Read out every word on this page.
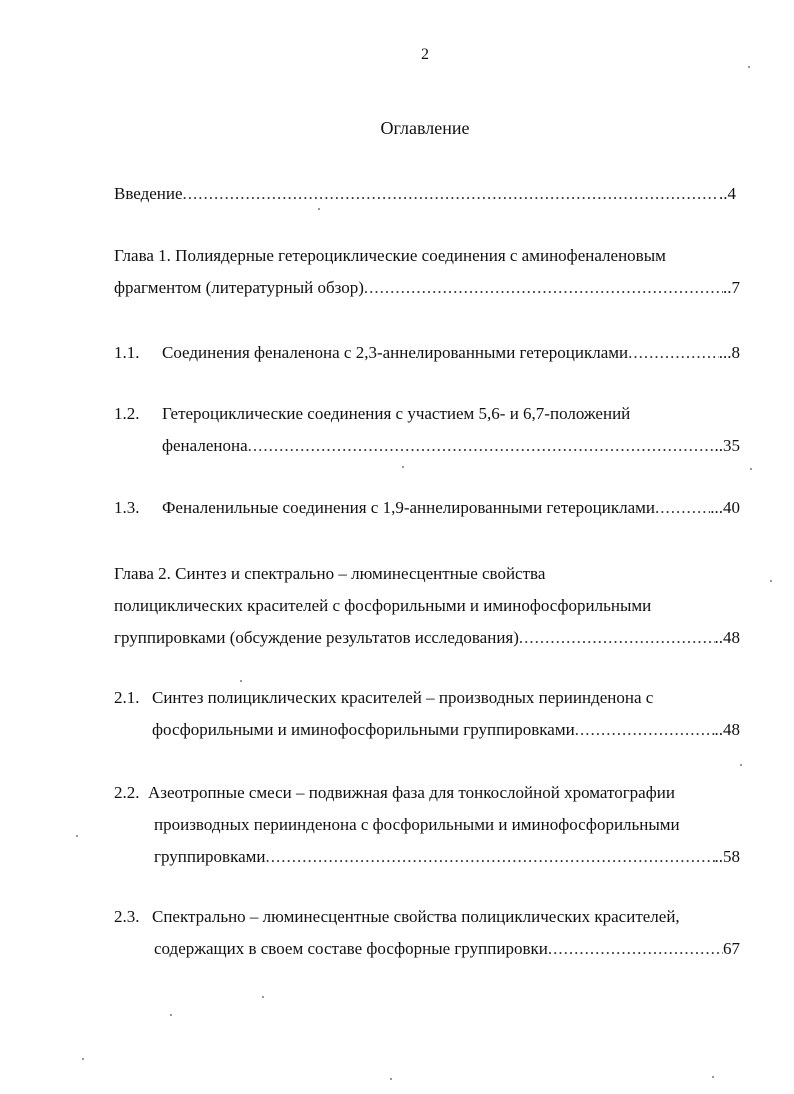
2
Оглавление
Введение .....	..4
Глава 1. Полиядерные гетероциклические соединения с аминофеналеновым
фрагментом (литературный обзор) .....	..7
1.1.	Соединения феналенона с 2,3-аннелированными гетероциклами .....	...8
1.2. Гетероциклические соединения с участием 5,6- и 6,7-положений
феналенона .....	..35
1.3.	Феналенильные соединения с 1,9-аннелированными гетероциклами .....	...40
Глава 2. Синтез и спектрально – люминесцентные свойства
полициклических красителей с фосфорильными и иминофосфорильными
группировками (обсуждение результатов исследования) .....	..48
2.1. Синтез полициклических красителей – производных периинденона с
фосфорильными и иминофосфорильными группировками .....	..48
2.2. Азеотропные смеси – подвижная фаза для тонкослойной хроматографии
производных периинденона с фосфорильными и иминофосфорильными
группировками .....	..58
2.3. Спектрально – люминесцентные свойства полициклических красителей,
содержащих в своем составе фосфорные группировки .....	67
